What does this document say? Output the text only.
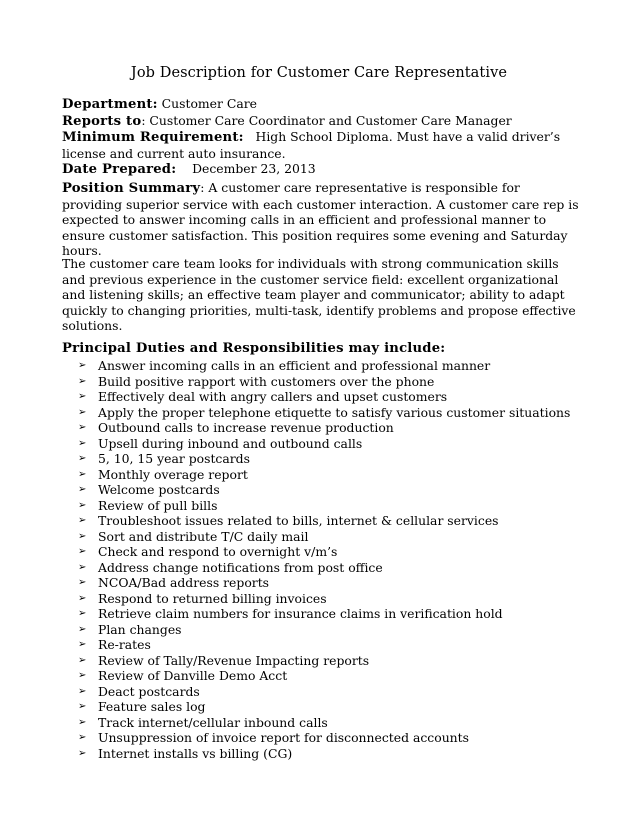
Job Description for Customer Care Representative

Department: Customer Care

Reports to: Customer Care Coordinator and Customer Care Manager

Minimum Requirement: High School Diploma. Must have a valid driver’s license and current auto insurance.

Date Prepared: December 23, 2013

Position Summary: A customer care representative is responsible for providing superior service with each customer interaction. A customer care rep is expected to answer incoming calls in an efficient and professional manner to ensure customer satisfaction. This position requires some evening and Saturday hours.

The customer care team looks for individuals with strong communication skills and previous experience in the customer service field: excellent organizational and listening skills; an effective team player and communicator; ability to adapt quickly to changing priorities, multi-task, identify problems and propose effective solutions.

Principal Duties and Responsibilities may include:
➢ Answer incoming calls in an efficient and professional manner
➢ Build positive rapport with customers over the phone
➢ Effectively deal with angry callers and upset customers
➢ Apply the proper telephone etiquette to satisfy various customer situations
➢ Outbound calls to increase revenue production
➢ Upsell during inbound and outbound calls
➢ 5, 10, 15 year postcards
➢ Monthly overage report
➢ Welcome postcards
➢ Review of pull bills
➢ Troubleshoot issues related to bills, internet & cellular services
➢ Sort and distribute T/C daily mail
➢ Check and respond to overnight v/m’s
➢ Address change notifications from post office
➢ NCOA/Bad address reports
➢ Respond to returned billing invoices
➢ Retrieve claim numbers for insurance claims in verification hold
➢ Plan changes
➢ Re-rates
➢ Review of Tally/Revenue Impacting reports
➢ Review of Danville Demo Acct
➢ Deact postcards
➢ Feature sales log
➢ Track internet/cellular inbound calls
➢ Unsuppression of invoice report for disconnected accounts
➢ Internet installs vs billing (CG)
